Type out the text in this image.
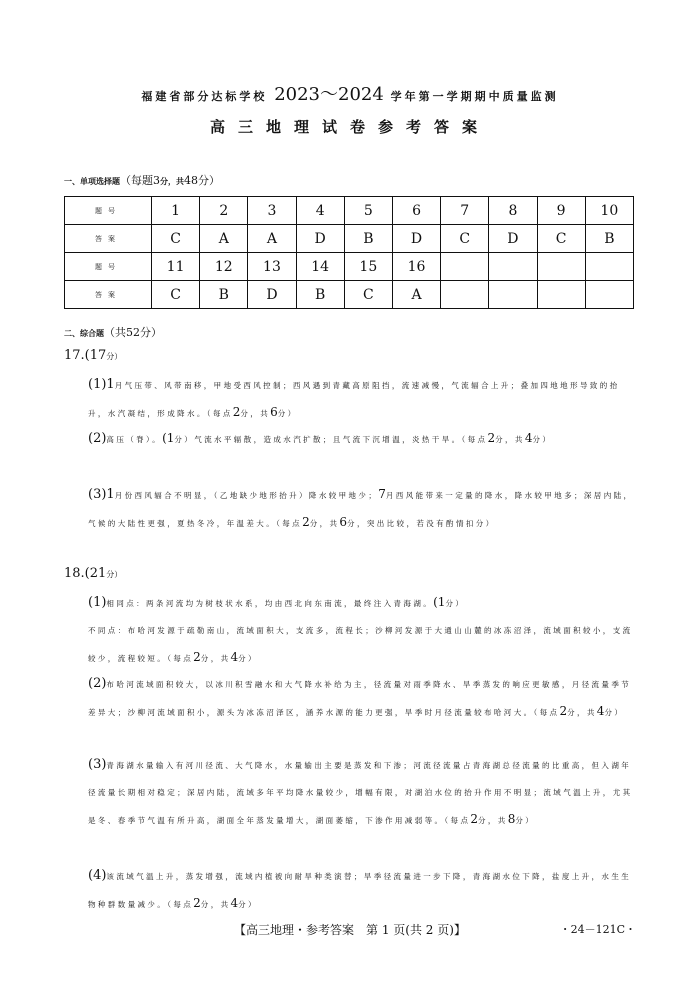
福建省部分达标学校 2023～2024 学年第一学期期中质量监测
高三地理试卷参考答案
一、单项选择题（每题3分，共48分）
题号	1	2	3	4	5	6	7	8	9	10
答案	C	A	A	D	B	D	C	D	C	B
题号	11	12	13	14	15	16				
答案	C	B	D	B	C	A				
二、综合题（共52分）
17.(17分）
(1)1月气压带、风带南移，甲地受西风控制；西风遇到青藏高原阻挡，流速减慢，气流辐合上升；叠加四地地形导致的抬升，水汽凝结，形成降水。（每点2分，共6分）
(2)高压（脊）。(1分）气流水平辐散，造成水汽扩散；且气流下沉增温，炎热干旱。（每点2分，共4分）
(3)1月份西风辐合不明显，（乙地缺少地形抬升）降水较甲地少；7月西风能带来一定量的降水，降水较甲地多；深居内陆，气候的大陆性更强，夏热冬冷，年温差大。（每点2分，共6分，突出比较，若没有酌情扣分）
18.(21分）
(1)相同点：两条河流均为树枝状水系，均由西北向东南流，最终注入青海湖。(1分）
不同点：布哈河发源于疏勒南山，流域面积大，支流多，流程长；沙柳河发源于大通山山麓的冰冻沼泽，流域面积较小，支流较少，流程较短。（每点2分，共4分）
(2)布哈河流域面积较大，以冰川积雪融水和大气降水补给为主，径流量对雨季降水、旱季蒸发的响应更敏感，月径流量季节差异大；沙柳河流域面积小，源头为冰冻沼泽区，涵养水源的能力更强，旱季时月径流量较布哈河大。（每点2分，共4分）
(3)青海湖水量输入有河川径流、大气降水，水量输出主要是蒸发和下渗；河流径流量占青海湖总径流量的比重高，但入湖年径流量长期相对稳定；深居内陆，流域多年平均降水量较少，增幅有限，对湖泊水位的抬升作用不明显；流域气温上升，尤其是冬、春季节气温有所升高，湖面全年蒸发量增大，湖面萎缩，下渗作用减弱等。（每点2分，共8分）
(4)该流域气温上升，蒸发增强，流域内植被向耐旱种类演替；旱季径流量进一步下降，青海湖水位下降，盐度上升，水生生物种群数量减少。（每点2分，共4分）
【高三地理・参考答案　第 1 页(共 2 页)】	・24－121C・
